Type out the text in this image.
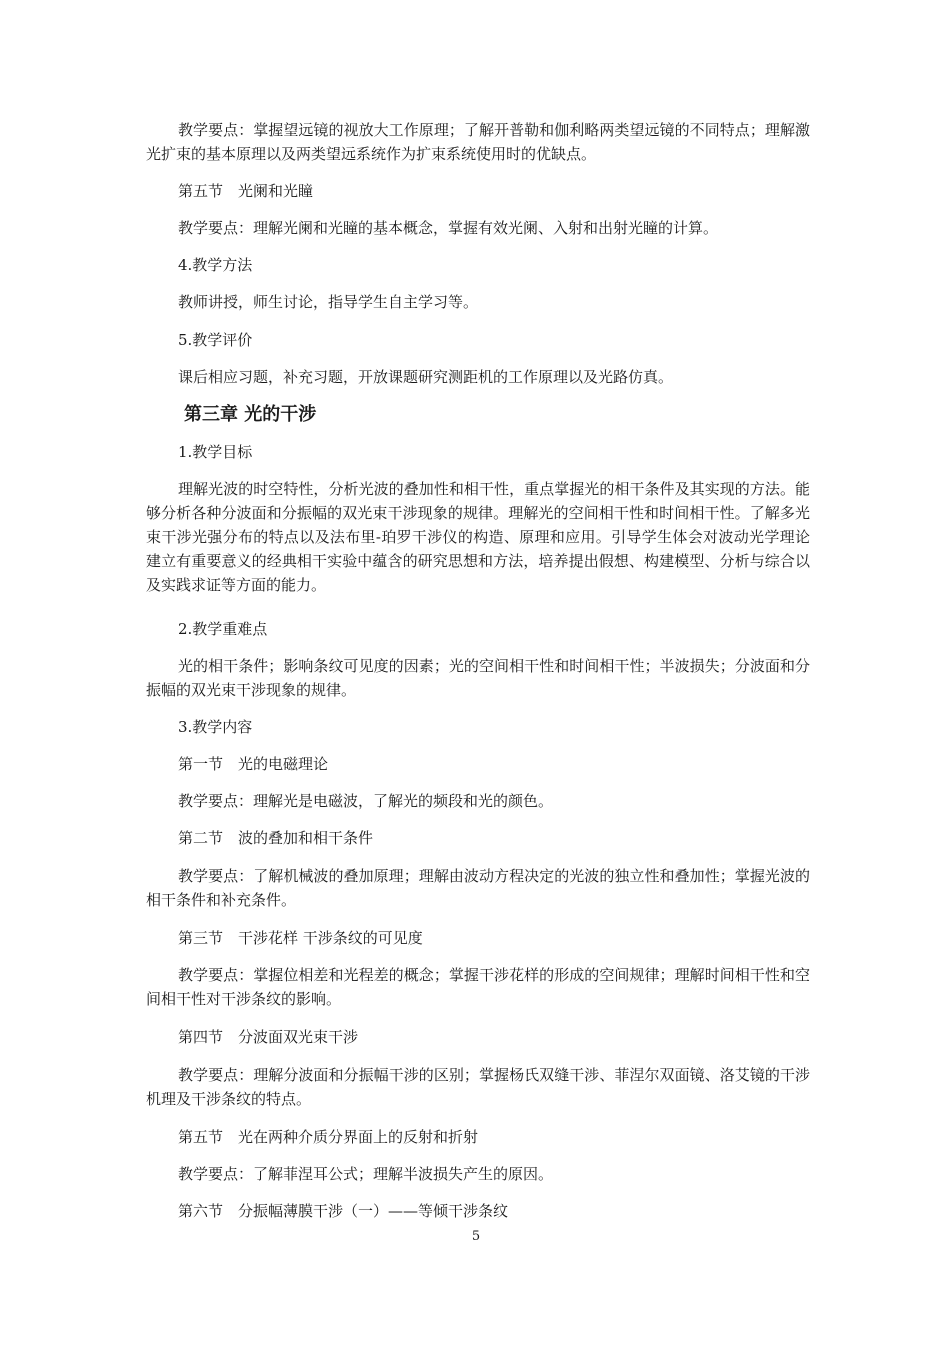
教学要点：掌握望远镜的视放大工作原理；了解开普勒和伽利略两类望远镜的不同特点；理解激光扩束的基本原理以及两类望远系统作为扩束系统使用时的优缺点。

第五节　光阑和光瞳

教学要点：理解光阑和光瞳的基本概念，掌握有效光阑、入射和出射光瞳的计算。

4.教学方法

教师讲授，师生讨论，指导学生自主学习等。

5.教学评价

课后相应习题，补充习题，开放课题研究测距机的工作原理以及光路仿真。

第三章 光的干涉

1.教学目标

理解光波的时空特性，分析光波的叠加性和相干性，重点掌握光的相干条件及其实现的方法。能够分析各种分波面和分振幅的双光束干涉现象的规律。理解光的空间相干性和时间相干性。了解多光束干涉光强分布的特点以及法布里-珀罗干涉仪的构造、原理和应用。引导学生体会对波动光学理论建立有重要意义的经典相干实验中蕴含的研究思想和方法，培养提出假想、构建模型、分析与综合以及实践求证等方面的能力。

2.教学重难点

光的相干条件；影响条纹可见度的因素；光的空间相干性和时间相干性；半波损失；分波面和分振幅的双光束干涉现象的规律。

3.教学内容

第一节　光的电磁理论

教学要点：理解光是电磁波，了解光的频段和光的颜色。

第二节　波的叠加和相干条件

教学要点：了解机械波的叠加原理；理解由波动方程决定的光波的独立性和叠加性；掌握光波的相干条件和补充条件。

第三节　干涉花样 干涉条纹的可见度

教学要点：掌握位相差和光程差的概念；掌握干涉花样的形成的空间规律；理解时间相干性和空间相干性对干涉条纹的影响。

第四节　分波面双光束干涉

教学要点：理解分波面和分振幅干涉的区别；掌握杨氏双缝干涉、菲涅尔双面镜、洛艾镜的干涉机理及干涉条纹的特点。

第五节　光在两种介质分界面上的反射和折射

教学要点：了解菲涅耳公式；理解半波损失产生的原因。

第六节　分振幅薄膜干涉（一）——等倾干涉条纹

5
